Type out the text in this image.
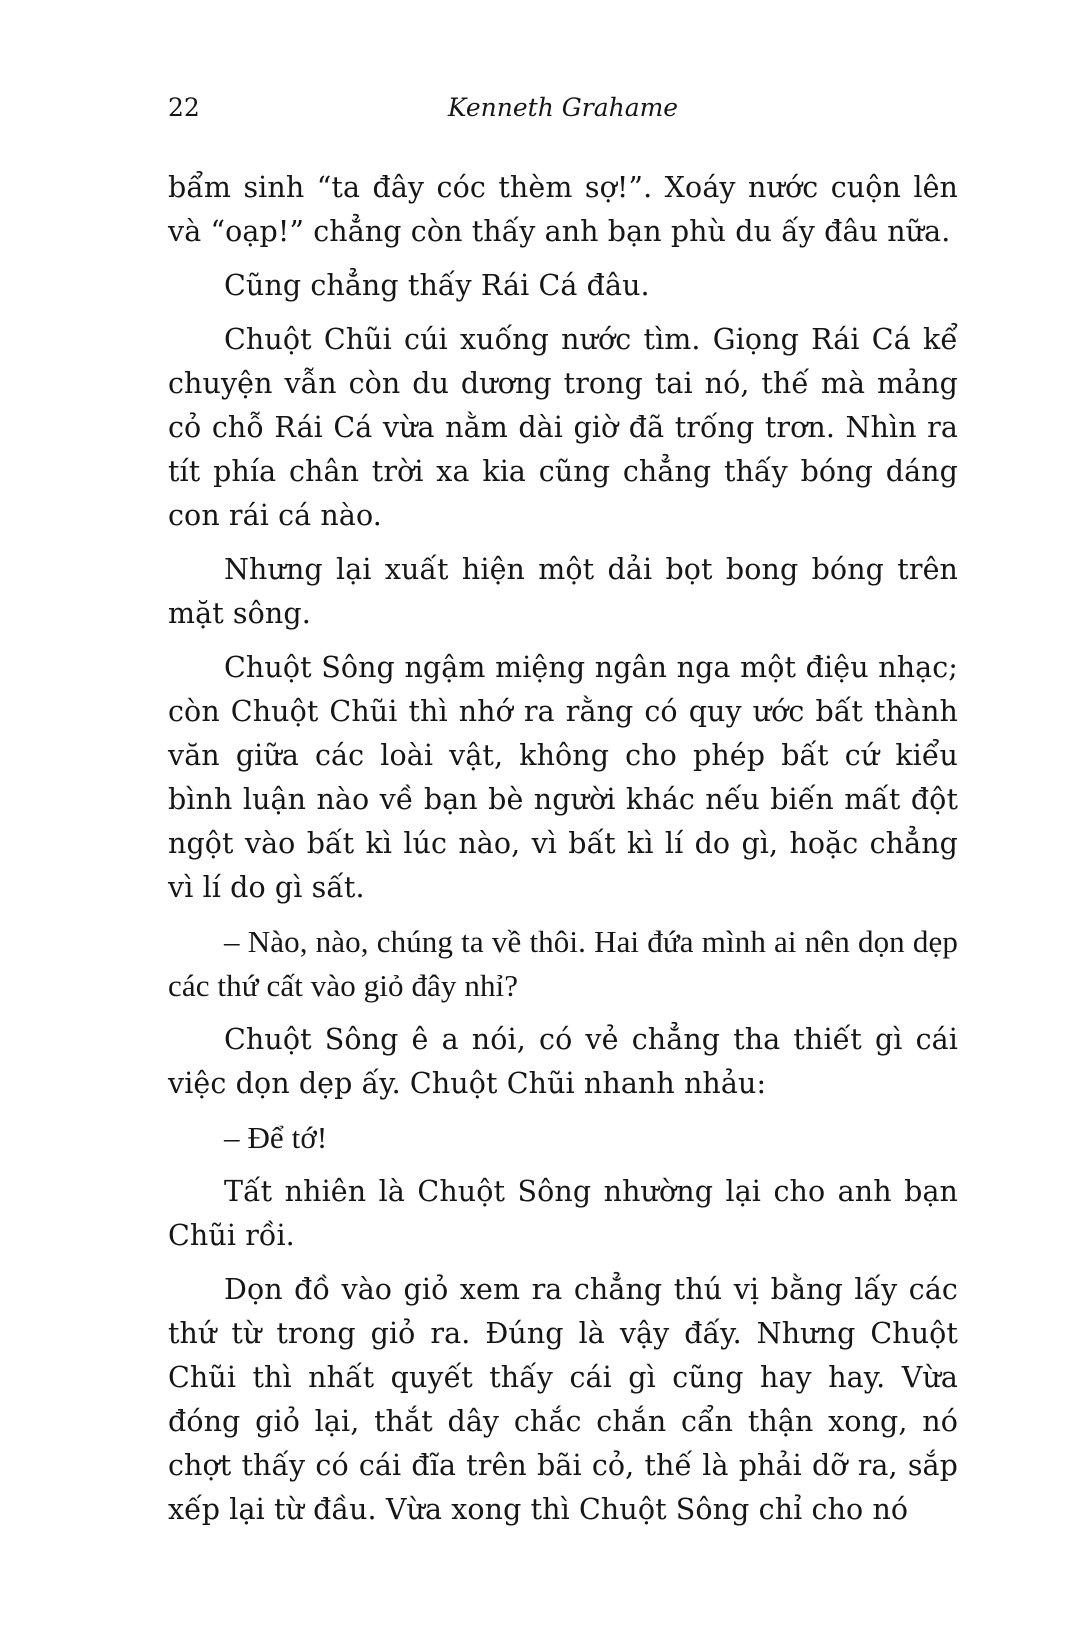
22	Kenneth Grahame

bẩm sinh “ta đây cóc thèm sợ!”. Xoáy nước cuộn lên và “oạp!” chẳng còn thấy anh bạn phù du ấy đâu nữa.

Cũng chẳng thấy Rái Cá đâu.

Chuột Chũi cúi xuống nước tìm. Giọng Rái Cá kể chuyện vẫn còn du dương trong tai nó, thế mà mảng cỏ chỗ Rái Cá vừa nằm dài giờ đã trống trơn. Nhìn ra tít phía chân trời xa kia cũng chẳng thấy bóng dáng con rái cá nào.

Nhưng lại xuất hiện một dải bọt bong bóng trên mặt sông.

Chuột Sông ngậm miệng ngân nga một điệu nhạc; còn Chuột Chũi thì nhớ ra rằng có quy ước bất thành văn giữa các loài vật, không cho phép bất cứ kiểu bình luận nào về bạn bè người khác nếu biến mất đột ngột vào bất kì lúc nào, vì bất kì lí do gì, hoặc chẳng vì lí do gì sất.

– Nào, nào, chúng ta về thôi. Hai đứa mình ai nên dọn dẹp các thứ cất vào giỏ đây nhỉ?

Chuột Sông ê a nói, có vẻ chẳng tha thiết gì cái việc dọn dẹp ấy. Chuột Chũi nhanh nhảu:

– Để tớ!

Tất nhiên là Chuột Sông nhường lại cho anh bạn Chũi rồi.

Dọn đồ vào giỏ xem ra chẳng thú vị bằng lấy các thứ từ trong giỏ ra. Đúng là vậy đấy. Nhưng Chuột Chũi thì nhất quyết thấy cái gì cũng hay hay. Vừa đóng giỏ lại, thắt dây chắc chắn cẩn thận xong, nó chợt thấy có cái đĩa trên bãi cỏ, thế là phải dỡ ra, sắp xếp lại từ đầu. Vừa xong thì Chuột Sông chỉ cho nó
